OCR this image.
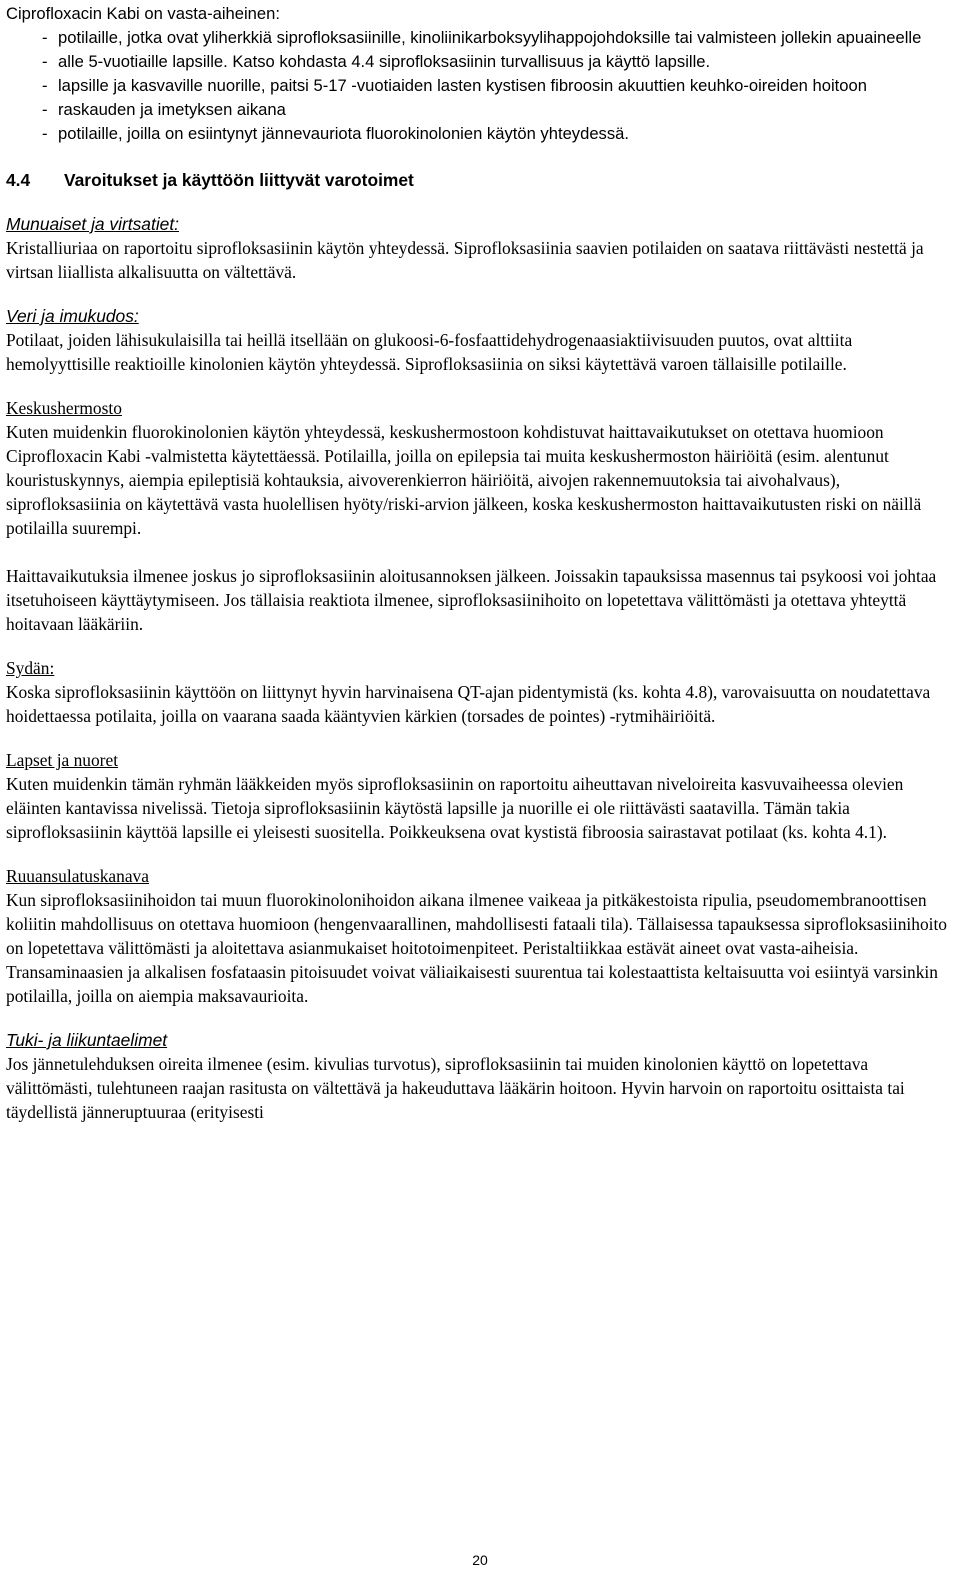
Ciprofloxacin Kabi on vasta-aiheinen:
- potilaille, jotka ovat yliherkkiä siprofloksasiinille, kinoliinikarboksyylihappojohdoksille tai valmisteen jollekin apuaineelle
- alle 5-vuotiaille lapsille. Katso kohdasta 4.4 siprofloksasiinin turvallisuus ja käyttö lapsille.
- lapsille ja kasvaville nuorille, paitsi 5-17 -vuotiaiden lasten kystisen fibroosin akuuttien keuhko-oireiden hoitoon
- raskauden ja imetyksen aikana
- potilaille, joilla on esiintynyt jännevauriota fluorokinolonien käytön yhteydessä.
4.4 Varoitukset ja käyttöön liittyvät varotoimet
Munuaiset ja virtsatiet:

Kristalliuriaa on raportoitu siprofloksasiinin käytön yhteydessä. Siprofloksasiinia saavien potilaiden on saatava riittävästi nestettä ja virtsan liiallista alkalisuutta on vältettävä.

Veri ja imukudos:

Potilaat, joiden lähisukulaisilla tai heillä itsellään on glukoosi-6-fosfaattidehydrogenaasiaktiivisuuden puutos, ovat alttiita hemolyyttisille reaktioille kinolonien käytön yhteydessä. Siprofloksasiinia on siksi käytettävä varoen tällaisille potilaille.

Keskushermosto

Kuten muidenkin fluorokinolonien käytön yhteydessä, keskushermostoon kohdistuvat haittavaikutukset on otettava huomioon Ciprofloxacin Kabi -valmistetta käytettäessä. Potilailla, joilla on epilepsia tai muita keskushermoston häiriöitä (esim. alentunut kouristuskynnys, aiempia epileptisiä kohtauksia, aivoverenkierron häiriöitä, aivojen rakennemuutoksia tai aivohalvaus), siprofloksasiinia on käytettävä vasta huolellisen hyöty/riski-arvion jälkeen, koska keskushermoston haittavaikutusten riski on näillä potilailla suurempi.

Haittavaikutuksia ilmenee joskus jo siprofloksasiinin aloitusannoksen jälkeen. Joissakin tapauksissa masennus tai psykoosi voi johtaa itsetuhoiseen käyttäytymiseen. Jos tällaisia reaktiota ilmenee, siprofloksasiinihoito on lopetettava välittömästi ja otettava yhteyttä hoitavaan lääkäriin.

Sydän:

Koska siprofloksasiinin käyttöön on liittynyt hyvin harvinaisena QT-ajan pidentymistä (ks. kohta 4.8), varovaisuutta on noudatettava hoidettaessa potilaita, joilla on vaarana saada kääntyvien kärkien (torsades de pointes) -rytmihäiriöitä.

Lapset ja nuoret

Kuten muidenkin tämän ryhmän lääkkeiden myös siprofloksasiinin on raportoitu aiheuttavan niveloireita kasvuvaiheessa olevien eläinten kantavissa nivelissä. Tietoja siprofloksasiinin käytöstä lapsille ja nuorille ei ole riittävästi saatavilla. Tämän takia siprofloksasiinin käyttöä lapsille ei yleisesti suositella. Poikkeuksena ovat kystistä fibroosia sairastavat potilaat (ks. kohta 4.1).

Ruuansulatuskanava

Kun siprofloksasiinihoidon tai muun fluorokinolonihoidon aikana ilmenee vaikeaa ja pitkäkestoista ripulia, pseudomembranoottisen koliitin mahdollisuus on otettava huomioon (hengenvaarallinen, mahdollisesti fataali tila). Tällaisessa tapauksessa siprofloksasiinihoito on lopetettava välittömästi ja aloitettava asianmukaiset hoitotoimenpiteet. Peristaltiikkaa estävät aineet ovat vasta-aiheisia.

Transaminaasien ja alkalisen fosfataasin pitoisuudet voivat väliaikaisesti suurentua tai kolestaattista keltaisuutta voi esiintyä varsinkin potilailla, joilla on aiempia maksavaurioita.

Tuki- ja liikuntaelimet

Jos jännetulehduksen oireita ilmenee (esim. kivulias turvotus), siprofloksasiinin tai muiden kinolonien käyttö on lopetettava välittömästi, tulehtuneen raajan rasitusta on vältettävä ja hakeuduttava lääkärin hoitoon. Hyvin harvoin on raportoitu osittaista tai täydellistä jänneruptuuraa (erityisesti

20
